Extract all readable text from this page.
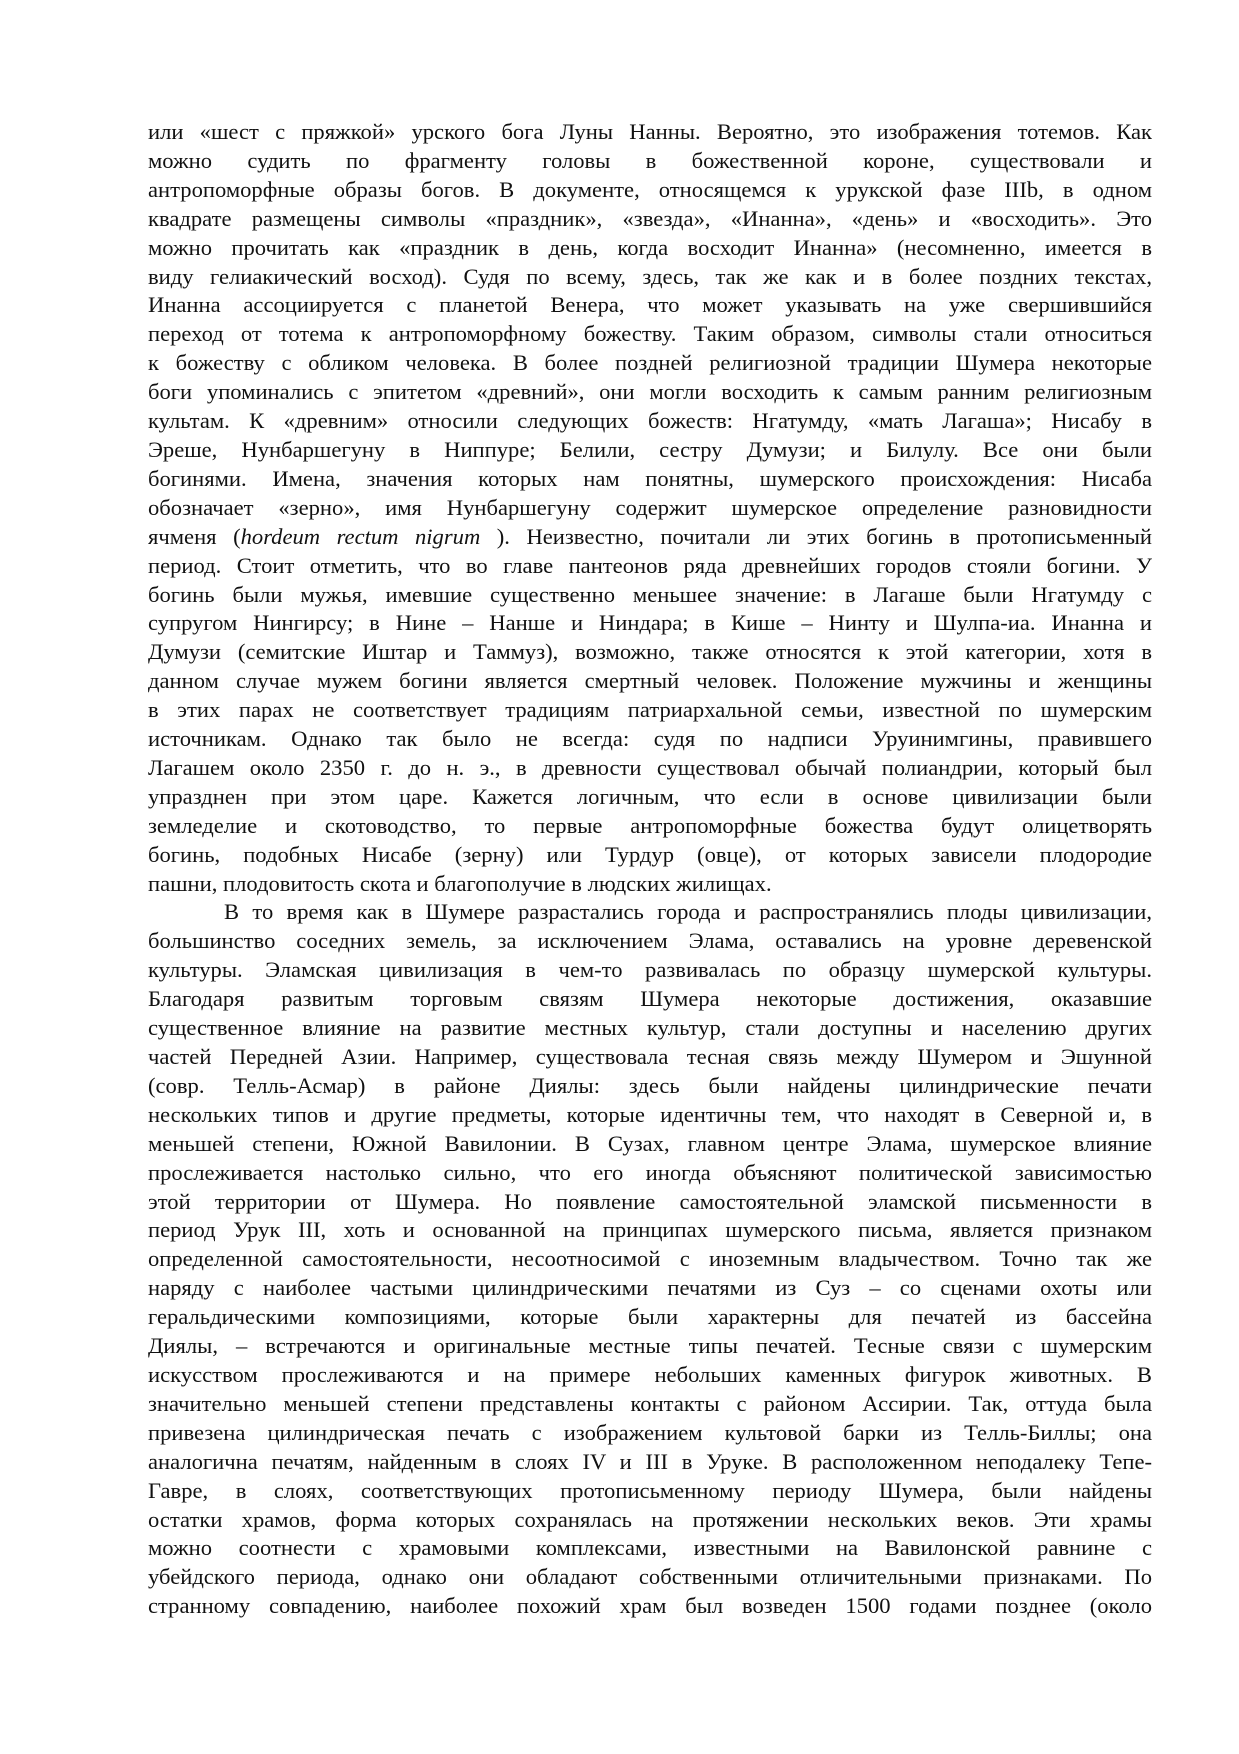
или «шест с пряжкой» урского бога Луны Нанны. Вероятно, это изображения тотемов. Как
можно судить по фрагменту головы в божественной короне, существовали и
антропоморфные образы богов. В документе, относящемся к урукской фазе IIIb, в одном
квадрате размещены символы «праздник», «звезда», «Инанна», «день» и «восходить». Это
можно прочитать как «праздник в день, когда восходит Инанна» (несомненно, имеется в
виду гелиакический восход). Судя по всему, здесь, так же как и в более поздних текстах,
Инанна ассоциируется с планетой Венера, что может указывать на уже свершившийся
переход от тотема к антропоморфному божеству. Таким образом, символы стали относиться
к божеству с обликом человека. В более поздней религиозной традиции Шумера некоторые
боги упоминались с эпитетом «древний», они могли восходить к самым ранним религиозным
культам. К «древним» относили следующих божеств: Нгатумду, «мать Лагаша»; Нисабу в
Эреше, Нунбаршегуну в Ниппуре; Белили, сестру Думузи; и Билулу. Все они были
богинями. Имена, значения которых нам понятны, шумерского происхождения: Нисаба
обозначает «зерно», имя Нунбаршегуну содержит шумерское определение разновидности
ячменя (hordeum rectum nigrum ). Неизвестно, почитали ли этих богинь в протописьменный
период. Стоит отметить, что во главе пантеонов ряда древнейших городов стояли богини. У
богинь были мужья, имевшие существенно меньшее значение: в Лагаше были Нгатумду с
супругом Нингирсу; в Нине – Нанше и Ниндара; в Кише – Нинту и Шулпа-иа. Инанна и
Думузи (семитские Иштар и Таммуз), возможно, также относятся к этой категории, хотя в
данном случае мужем богини является смертный человек. Положение мужчины и женщины
в этих парах не соответствует традициям патриархальной семьи, известной по шумерским
источникам. Однако так было не всегда: судя по надписи Уруинимгины, правившего
Лагашем около 2350 г. до н. э., в древности существовал обычай полиандрии, который был
упразднен при этом царе. Кажется логичным, что если в основе цивилизации были
земледелие и скотоводство, то первые антропоморфные божества будут олицетворять
богинь, подобных Нисабе (зерну) или Турдур (овце), от которых зависели плодородие
пашни, плодовитость скота и благополучие в людских жилищах.
В то время как в Шумере разрастались города и распространялись плоды цивилизации,
большинство соседних земель, за исключением Элама, оставались на уровне деревенской
культуры. Эламская цивилизация в чем-то развивалась по образцу шумерской культуры.
Благодаря развитым торговым связям Шумера некоторые достижения, оказавшие
существенное влияние на развитие местных культур, стали доступны и населению других
частей Передней Азии. Например, существовала тесная связь между Шумером и Эшунной
(совр. Телль-Асмар) в районе Диялы: здесь были найдены цилиндрические печати
нескольких типов и другие предметы, которые идентичны тем, что находят в Северной и, в
меньшей степени, Южной Вавилонии. В Сузах, главном центре Элама, шумерское влияние
прослеживается настолько сильно, что его иногда объясняют политической зависимостью
этой территории от Шумера. Но появление самостоятельной эламской письменности в
период Урук III, хоть и основанной на принципах шумерского письма, является признаком
определенной самостоятельности, несоотносимой с иноземным владычеством. Точно так же
наряду с наиболее частыми цилиндрическими печатями из Суз – со сценами охоты или
геральдическими композициями, которые были характерны для печатей из бассейна
Диялы, – встречаются и оригинальные местные типы печатей. Тесные связи с шумерским
искусством прослеживаются и на примере небольших каменных фигурок животных. В
значительно меньшей степени представлены контакты с районом Ассирии. Так, оттуда была
привезена цилиндрическая печать с изображением культовой барки из Телль-Биллы; она
аналогична печатям, найденным в слоях IV и III в Уруке. В расположенном неподалеку Тепе-
Гавре, в слоях, соответствующих протописьменному периоду Шумера, были найдены
остатки храмов, форма которых сохранялась на протяжении нескольких веков. Эти храмы
можно соотнести с храмовыми комплексами, известными на Вавилонской равнине с
убейдского периода, однако они обладают собственными отличительными признаками. По
странному совпадению, наиболее похожий храм был возведен 1500 годами позднее (около
